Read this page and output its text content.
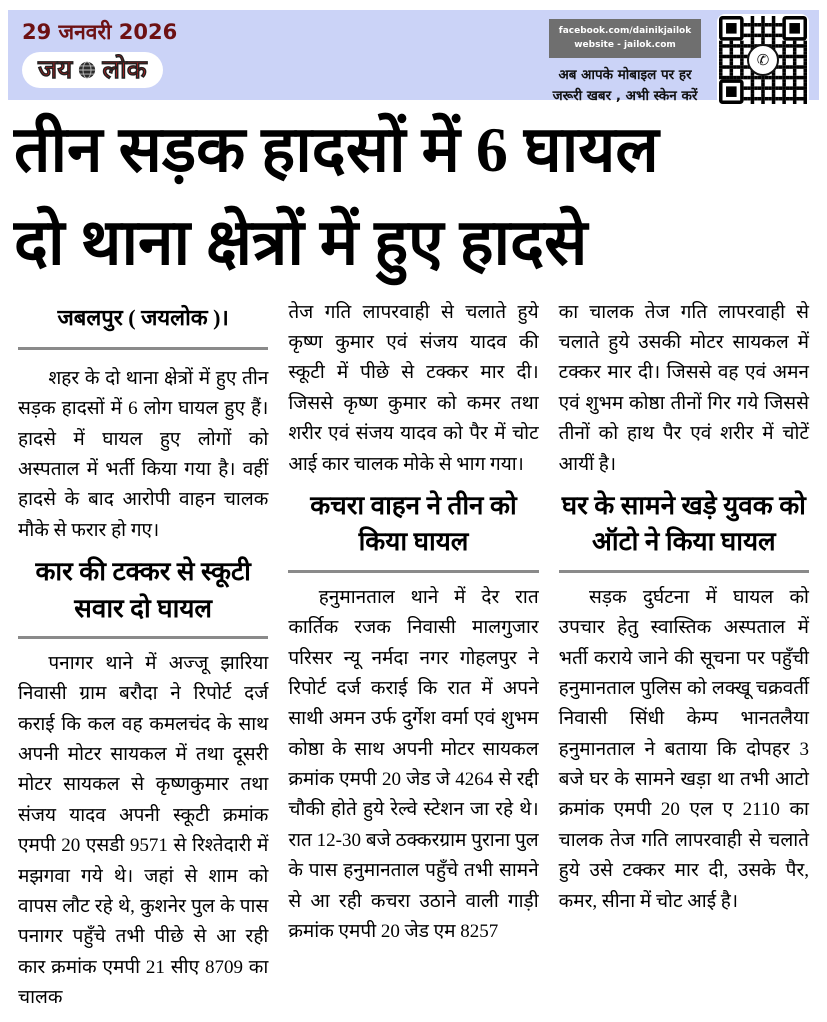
29 जनवरी 2026
जय लोक
facebook.com/dainikjailok
website - jailok.com
अब आपके मोबाइल पर हर
जरूरी खबर , अभी स्केन करें
✆
तीन सड़क हादसों में 6 घायल
दो थाना क्षेत्रों में हुए हादसे
जबलपुर ( जयलोक )।

शहर के दो थाना क्षेत्रों में हुए तीन सड़क हादसों में 6 लोग घायल हुए हैं। हादसे में घायल हुए लोगों को अस्पताल में भर्ती किया गया है। वहीं हादसे के बाद आरोपी वाहन चालक मौके से फरार हो गए।

कार की टक्कर से स्कूटी सवार दो घायल

पनागर थाने में अज्जू झारिया निवासी ग्राम बरौदा ने रिपोर्ट दर्ज कराई कि कल वह कमलचंद के साथ अपनी मोटर सायकल में तथा दूसरी मोटर सायकल से कृष्णकुमार तथा संजय यादव अपनी स्कूटी क्रमांक एमपी 20 एसडी 9571 से रिश्तेदारी में मझगवा गये थे। जहां से शाम को वापस लौट रहे थे, कुशनेर पुल के पास पनागर पहुँचे तभी पीछे से आ रही कार क्रमांक एमपी 21 सीए 8709 का चालक

तेज गति लापरवाही से चलाते हुये कृष्ण कुमार एवं संजय यादव की स्कूटी में पीछे से टक्कर मार दी। जिससे कृष्ण कुमार को कमर तथा शरीर एवं संजय यादव को पैर में चोट आई कार चालक मोके से भाग गया।

कचरा वाहन ने तीन को किया घायल

हनुमानताल थाने में देर रात कार्तिक रजक निवासी मालगुजार परिसर न्यू नर्मदा नगर गोहलपुर ने रिपोर्ट दर्ज कराई कि रात में अपने साथी अमन उर्फ दुर्गेश वर्मा एवं शुभम कोष्ठा के साथ अपनी मोटर सायकल क्रमांक एमपी 20 जेड जे 4264 से रद्दी चौकी होते हुये रेल्वे स्टेशन जा रहे थे। रात 12-30 बजे ठक्करग्राम पुराना पुल के पास हनुमानताल पहुँचे तभी सामने से आ रही कचरा उठाने वाली गाड़ी क्रमांक एमपी 20 जेड एम 8257

का चालक तेज गति लापरवाही से चलाते हुये उसकी मोटर सायकल में टक्कर मार दी। जिससे वह एवं अमन एवं शुभम कोष्ठा तीनों गिर गये जिससे तीनों को हाथ पैर एवं शरीर में चोटें आयीं है।

घर के सामने खड़े युवक को ऑटो ने किया घायल

सड़क दुर्घटना में घायल को उपचार हेतु स्वास्तिक अस्पताल में भर्ती कराये जाने की सूचना पर पहुँची हनुमानताल पुलिस को लक्खू चक्रवर्ती निवासी सिंधी केम्प भानतलैया हनुमानताल ने बताया कि दोपहर 3 बजे घर के सामने खड़ा था तभी आटो क्रमांक एमपी 20 एल ए 2110 का चालक तेज गति लापरवाही से चलाते हुये उसे टक्कर मार दी, उसके पैर, कमर, सीना में चोट आई है।
